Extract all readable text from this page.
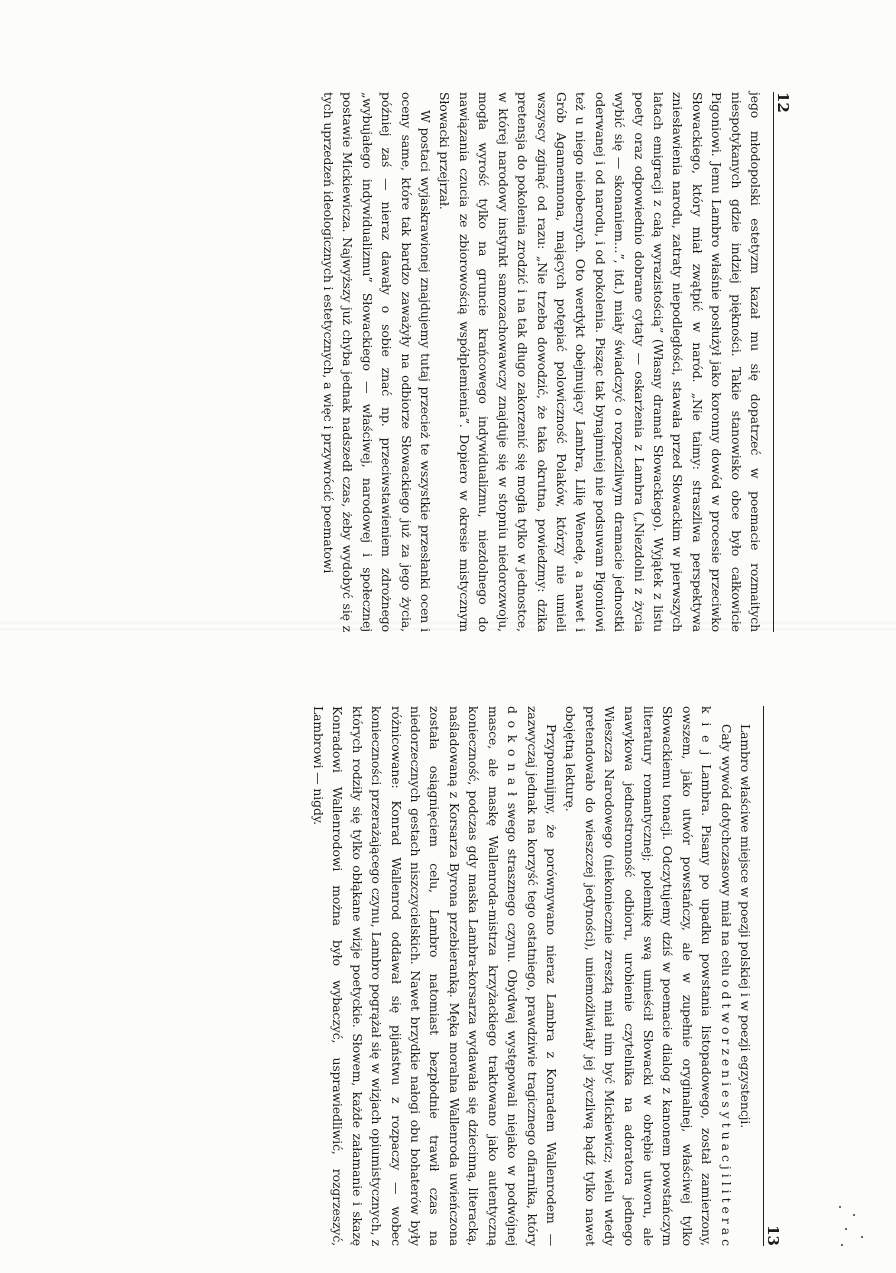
12

jego młodopolski estetyzm kazał mu się dopatrzeć w poemacie rozmaitych niespotykanych gdzie indziej piękności. Takie stanowisko obce było całkowicie Pigoniowi. Jemu Lambro właśnie posłużył jako koronny dowód w procesie przeciwko Słowackiego, który miał zwątpić w naród. „Nie taimy: straszliwa perspektywa zniesławienia narodu, zatraty niepodległości, stawała przed Słowackim w pierwszych latach emigracji z całą wyrazistością” (Własny dramat Słowackiego). Wyjątek z listu poety oraz odpowiednio dobrane cytaty — oskarżenia z Lambra („Niezdolni z życia wybić się — skonaniem...”, itd.) miały świadczyć o rozpaczliwym dramacie jednostki oderwanej i od narodu, i od pokolenia. Pisząc tak bynajmniej nie podsuwam Pigoniowi też u niego nieobecnych. Oto werdykt obejmujący Lambra, Lilię Wenedę, a nawet i Grób Agamemnona, mających potępiać polowiczność Polaków, którzy nie umieli wszyscy zginąć od razu: „Nie trzeba dowodzić, że taka okrutna, powiedzmy: dzika pretensja do pokolenia zrodzić i na tak długo zakorzenić się mogła tylko w jednostce, w której narodowy instynkt samozachowawczy znajduje się w stopniu niedorozwoju, mogła wyrość tylko na gruncie krańcowego indywidualizmu, niezdolnego do nawiązania czucia ze zbiorowością współplemienia”. Dopiero w okresie mistycznym Słowacki przejrzał.

W postaci wyjaskrawionej znajdujemy tutaj przecież te wszystkie przesłanki ocen i oceny same, które tak bardzo zaważyły na odbiorze Słowackiego już za jego życia, później zaś — nieraz dawały o sobie znać np. przeciwstawieniem zdrożnego „wybujałego indywidualizmu” Słowackiego — właściwej, narodowej i społecznej postawie Mickiewicza. Najwyższy już chyba jednak nadszedł czas, żeby wydobyć się z tych uprzedzeń ideologicznych i estetycznych, a więc i przywrócić poematowi

13

Lambro właściwe miejsce w poezji polskiej i w poezji egzystencji.

Cały wywód dotychczasowy miał na celu o d t w o r z e n i e s y t u a c j i l i t e r a c k i e j Lambra. Pisany po upadku powstania listopadowego, został zamierzony, owszem, jako utwór powstańczy, ale w zupełnie oryginalnej, właściwej tylko Słowackiemu tonacji. Odczytujemy dziś w poemacie dialog z kanonem powstańczym literatury romantycznej; polemikę swą umieścił Słowacki w obrębie utworu, ale nawykowa jednostronność odbioru, urobienie czytelnika na adoratora jednego Wieszcza Narodowego (niekoniecznie zresztą miał nim być Mickiewicz; wielu wtedy pretendowało do wieszczej jedyności), uniemożliwiały jej życzliwą bądź tylko nawet obojętną lekturę.

Przypomnijmy, że porównywano nieraz Lambra z Konradem Wallenrodem — zazwyczaj jednak na korzyść tego ostatniego, prawdziwie tragicznego ofiarnika, który d o k o n a ł swego strasznego czynu. Obydwaj występowali niejako w podwójnej masce, ale maskę Wallenroda-mistrza krzyżackiego traktowano jako autentyczną konieczność, podczas gdy maska Lambra-korsarza wydawała się dziecinną, literacką, naśladowaną z Korsarza Byrona przebieranką. Męka moralna Wallenroda uwieńczona została osiągnięciem celu, Lambro natomiast bezpłodnie trawił czas na niedorzecznych gestach niszczycielskich. Nawet brzydkie nałogi obu bohaterów były różnicowane: Konrad Wallenrod oddawał się pijaństwu z rozpaczy — wobec konieczności przerażającego czynu, Lambro pogrążał się w wizjach opiumistycznych, z których rodziły się tylko obłąkane wizje poetyckie. Słowem, każde załamanie i skazę Konradowi Wallenrodowi można było wybaczyć, usprawiedliwić, rozgrzeszyć, Lambrowi — nigdy.
